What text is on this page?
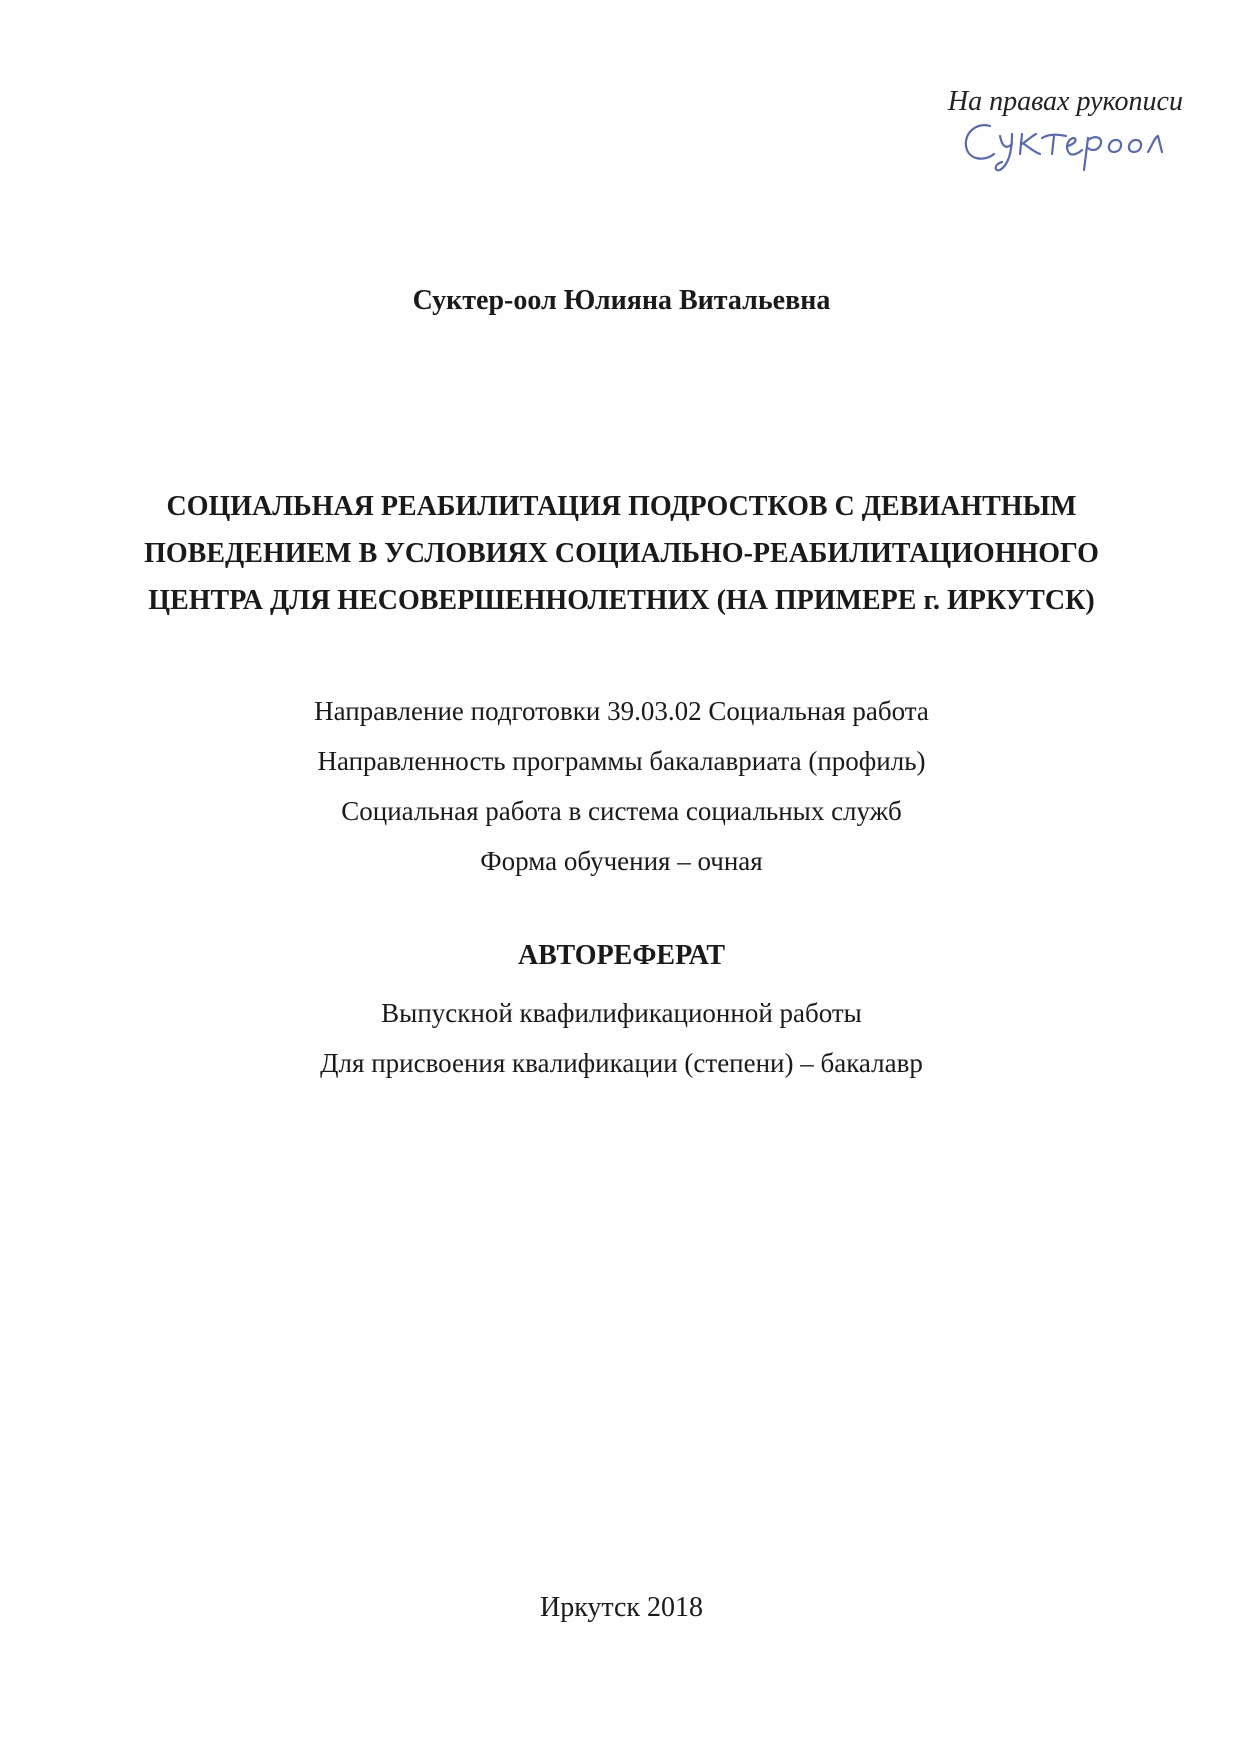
На правах рукописи
Суктер-оол Юлияна Витальевна
СОЦИАЛЬНАЯ РЕАБИЛИТАЦИЯ ПОДРОСТКОВ С ДЕВИАНТНЫМ
ПОВЕДЕНИЕМ В УСЛОВИЯХ СОЦИАЛЬНО-РЕАБИЛИТАЦИОННОГО
ЦЕНТРА ДЛЯ НЕСОВЕРШЕННОЛЕТНИХ (НА ПРИМЕРЕ г. ИРКУТСК)
Направление подготовки 39.03.02 Социальная работа
Направленность программы бакалавриата (профиль)
Социальная работа в система социальных служб
Форма обучения – очная
АВТОРЕФЕРАТ
Выпускной квафилификационной работы
Для присвоения квалификации (степени) – бакалавр
Иркутск 2018
